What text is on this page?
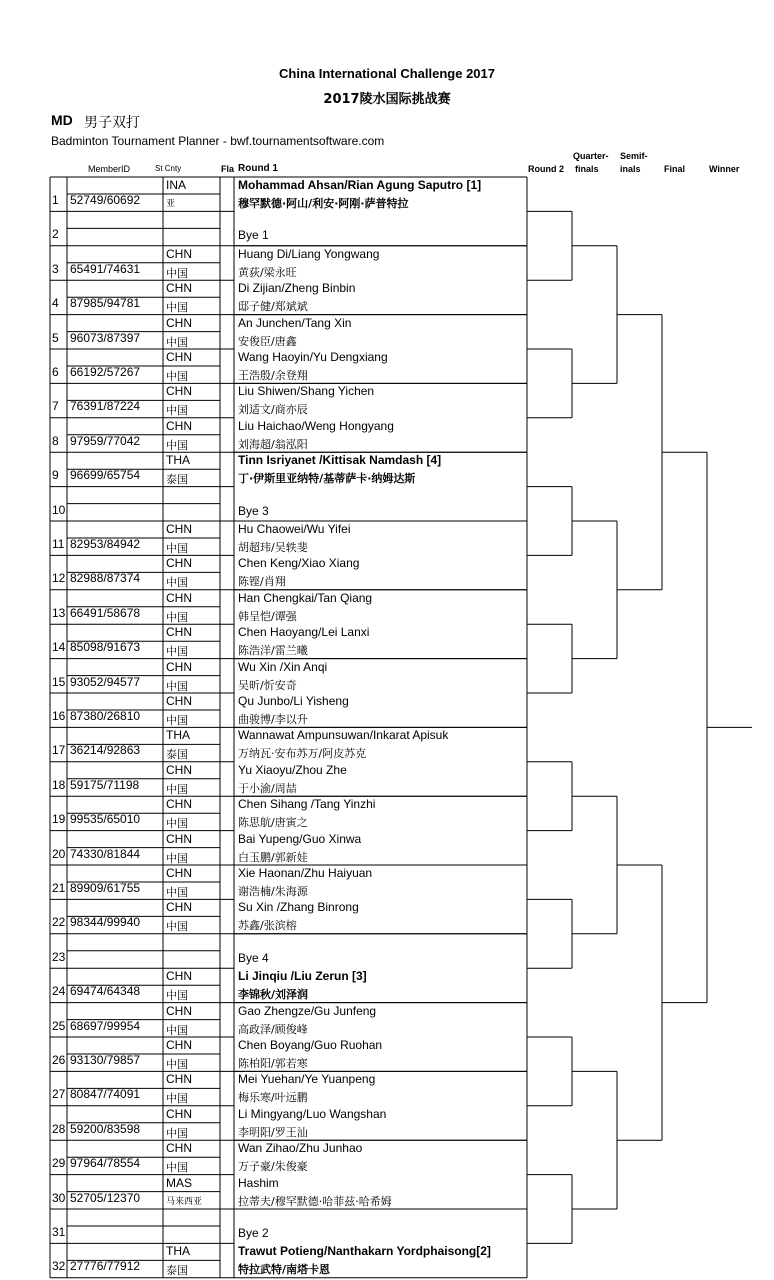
China International Challenge 2017
2017陵水国际挑战赛
MD 男子双打
Badminton Tournament Planner - bwf.tournamentsoftware.com
MemberID	St Cnty	Fla Round 1	Round 2
Quarter-
finals
Semif-
inals	Final	Winner
1 52749/60692
INA
亚
Mohammad Ahsan/Rian Agung Saputro [1]
穆罕默德·阿山/利安·阿刚·萨普特拉
2	Bye 1
3 65491/74631
CHN
中国
Huang Di/Liang Yongwang
黄荻/梁永旺
4 87985/94781
CHN
中国
Di Zijian/Zheng Binbin
邸子健/郑斌斌
5 96073/87397
CHN
中国
An Junchen/Tang Xin
安俊臣/唐鑫
6 66192/57267
CHN
中国
Wang Haoyin/Yu Dengxiang
王浩殷/余登翔
7 76391/87224
CHN
中国
Liu Shiwen/Shang Yichen
刘适文/商亦辰
8 97959/77042
CHN
中国
Liu Haichao/Weng Hongyang
刘海超/翁泓阳
9 96699/65754
THA
泰国
Tinn Isriyanet /Kittisak Namdash [4]
丁·伊斯里亚纳特/基蒂萨卡·纳姆达斯
10	Bye 3
11 82953/84942
CHN
中国
Hu Chaowei/Wu Yifei
胡超玮/吴轶斐
12 82988/87374
CHN
中国
Chen Keng/Xiao Xiang
陈铿/肖翔
13 66491/58678
CHN
中国
Han Chengkai/Tan Qiang
韩呈恺/谭强
14 85098/91673
CHN
中国
Chen Haoyang/Lei Lanxi
陈浩洋/雷兰曦
15 93052/94577
CHN
中国
Wu Xin /Xin Anqi
吴昕/忻安奇
16 87380/26810
CHN
中国
Qu Junbo/Li Yisheng
曲骏博/李以升
17 36214/92863
THA
泰国
Wannawat Ampunsuwan/Inkarat Apisuk
万纳瓦·安布苏万/阿皮苏克
18 59175/71198
CHN
中国
Yu Xiaoyu/Zhou Zhe
于小渝/周喆
19 99535/65010
CHN
中国
Chen Sihang /Tang Yinzhi
陈思航/唐寅之
20 74330/81844
CHN
中国
Bai Yupeng/Guo Xinwa
白玉鹏/郭新娃
21 89909/61755
CHN
中国
Xie Haonan/Zhu Haiyuan
谢浩楠/朱海源
22 98344/99940
CHN
中国
Su Xin /Zhang Binrong
苏鑫/张滨榕
23	Bye 4
24 69474/64348
CHN
中国
Li Jinqiu /Liu Zerun [3]
李锦秋/刘泽润
25 68697/99954
CHN
中国
Gao Zhengze/Gu Junfeng
高政泽/顾俊峰
26 93130/79857
CHN
中国
Chen Boyang/Guo Ruohan
陈柏阳/郭若寒
27 80847/74091
CHN
中国
Mei Yuehan/Ye Yuanpeng
梅乐寒/叶远鹏
28 59200/83598
CHN
中国
Li Mingyang/Luo Wangshan
李明阳/罗王汕
29 97964/78554
CHN
中国
Wan Zihao/Zhu Junhao
万子豪/朱俊豪
30 52705/12370
MAS
马来西亚
Hashim
拉蒂夫/穆罕默德·哈菲兹·哈希姆
31	Bye 2
32 27776/77912
THA
泰国
Trawut Potieng/Nanthakarn Yordphaisong[2]
特拉武特/南塔卡恩
